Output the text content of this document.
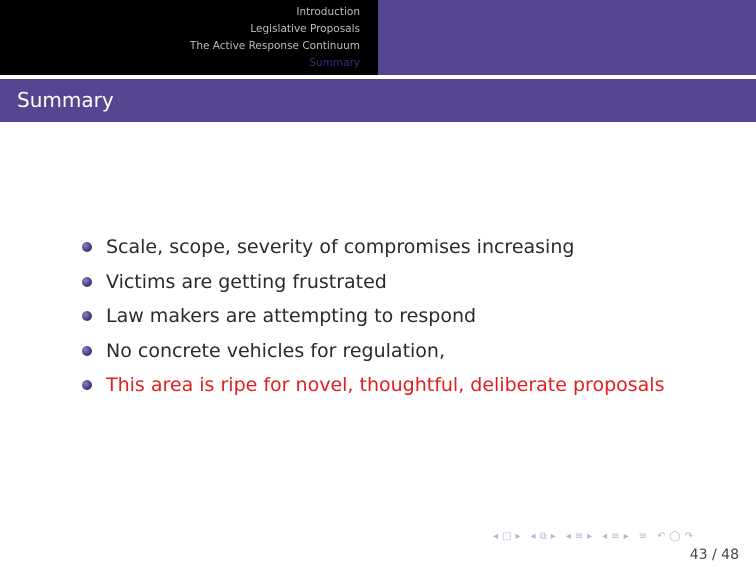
Introduction
Legislative Proposals
The Active Response Continuum
Summary
Summary
Scale, scope, severity of compromises increasing
Victims are getting frustrated
Law makers are attempting to respond
No concrete vehicles for regulation,
This area is ripe for novel, thoughtful, deliberate proposals
◂ □ ▸ ◂ ⧉ ▸ ◂ ≡ ▸ ◂ ≡ ▸ ≡ ↶ ◯ ↷
43 / 48
